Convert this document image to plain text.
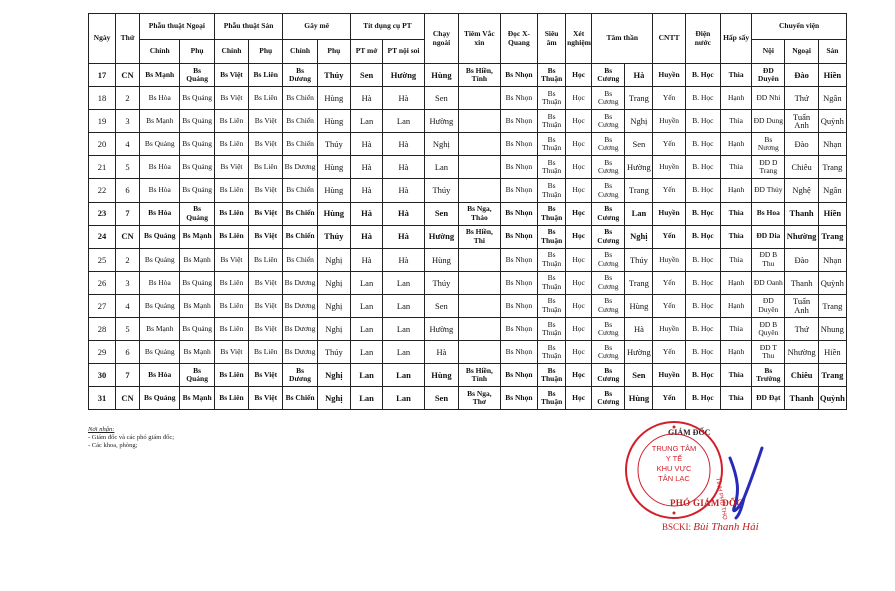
Ngày	Thứ	Phẫu thuật Ngoại		Phẫu thuật Sản		Gây mê		Tít dụng cụ PT		Chạy ngoài	Tiêm Vắc xin	Đọc X- Quang	Siêu âm	Xét nghiệm	Tâm thần		CNTT	Điện nước	Hấp sấy	Chuyển viện		
		Chính	Phụ	Chính	Phụ	Chính	Phụ	PT mở	PT nội soi											Nội	Ngoại	Sản
17	CN	Bs Mạnh	Bs Quảng	Bs Việt	Bs Liên	Bs Dương	Thúy	Sen	Hường	Hùng	Bs Hiền, Tỉnh	Bs Nhọn	Bs Thuận	Học	Bs Cương	Hà	Huyền	B. Học	Thìa	ĐD Duyên	Đào	Hiền
18	2	Bs Hòa	Bs Quảng	Bs Việt	Bs Liên	Bs Chiến	Hùng	Hà	Hà	Sen		Bs Nhọn	Bs Thuận	Học	Bs Cương	Trang	Yến	B. Học	Hạnh	ĐD Nhi	Thứ	Ngân
19	3	Bs Mạnh	Bs Quảng	Bs Liên	Bs Việt	Bs Chiến	Hùng	Lan	Lan	Hường		Bs Nhọn	Bs Thuận	Học	Bs Cương	Nghị	Huyền	B. Học	Thìa	ĐD Dung	Tuấn Anh	Quỳnh
20	4	Bs Quảng	Bs Quảng	Bs Liên	Bs Việt	Bs Chiến	Thúy	Hà	Hà	Nghị		Bs Nhọn	Bs Thuận	Học	Bs Cương	Sen	Yến	B. Học	Hạnh	Bs Nương	Đào	Nhạn
21	5	Bs Hòa	Bs Quảng	Bs Việt	Bs Liên	Bs Dương	Hùng	Hà	Hà	Lan		Bs Nhọn	Bs Thuận	Học	Bs Cương	Hường	Huyền	B. Học	Thìa	ĐD D Trang	Chiêu	Trang
22	6	Bs Hòa	Bs Quảng	Bs Liên	Bs Việt	Bs Chiến	Hùng	Hà	Hà	Thúy		Bs Nhọn	Bs Thuận	Học	Bs Cương	Trang	Yến	B. Học	Hạnh	ĐD Thủy	Nghệ	Ngân
23	7	Bs Hòa	Bs Quảng	Bs Liên	Bs Việt	Bs Chiến	Hùng	Hà	Hà	Sen	Bs Nga, Thảo	Bs Nhọn	Bs Thuận	Học	Bs Cương	Lan	Huyền	B. Học	Thìa	Bs Hoa	Thanh	Hiền
24	CN	Bs Quảng	Bs Mạnh	Bs Liên	Bs Việt	Bs Chiến	Thúy	Hà	Hà	Hường	Bs Hiền, Thi	Bs Nhọn	Bs Thuận	Học	Bs Cương	Nghị	Yến	B. Học	Thìa	ĐD Dia	Nhường	Trang
25	2	Bs Quảng	Bs Mạnh	Bs Việt	Bs Liên	Bs Chiến	Nghị	Hà	Hà	Hùng		Bs Nhọn	Bs Thuận	Học	Bs Cương	Thúy	Huyền	B. Học	Thìa	ĐD B Thu	Đào	Nhạn
26	3	Bs Hòa	Bs Quảng	Bs Liên	Bs Việt	Bs Dương	Nghị	Lan	Lan	Thúy		Bs Nhọn	Bs Thuận	Học	Bs Cương	Trang	Yến	B. Học	Hạnh	ĐD Oanh	Thanh	Quỳnh
27	4	Bs Quảng	Bs Mạnh	Bs Liên	Bs Việt	Bs Dương	Nghị	Lan	Lan	Sen		Bs Nhọn	Bs Thuận	Học	Bs Cương	Hùng	Yến	B. Học	Hạnh	ĐD Duyên	Tuấn Anh	Trang
28	5	Bs Mạnh	Bs Quảng	Bs Liên	Bs Việt	Bs Dương	Nghị	Lan	Lan	Hường		Bs Nhọn	Bs Thuận	Học	Bs Cương	Hà	Huyền	B. Học	Thìa	ĐD B Quyên	Thứ	Nhung
29	6	Bs Quảng	Bs Mạnh	Bs Việt	Bs Liên	Bs Dương	Thúy	Lan	Lan	Hà		Bs Nhọn	Bs Thuận	Học	Bs Cương	Hường	Yến	B. Học	Hạnh	ĐD T Thu	Nhường	Hiền
30	7	Bs Hòa	Bs Quảng	Bs Liên	Bs Việt	Bs Dương	Nghị	Lan	Lan	Hùng	Bs Hiền, Tỉnh	Bs Nhọn	Bs Thuận	Học	Bs Cương	Sen	Huyền	B. Học	Thìa	Bs Trường	Chiêu	Trang
31	CN	Bs Quảng	Bs Mạnh	Bs Liên	Bs Việt	Bs Chiến	Nghị	Lan	Lan	Sen	Bs Nga, Thơ	Bs Nhọn	Bs Thuận	Học	Bs Cương	Hùng	Yến	B. Học	Thìa	ĐD Đạt	Thanh	Quỳnh
Nơi nhận:
- Giám đốc và các phó giám đốc;
- Các khoa, phòng;
GIÁM ĐỐC
TRUNG TÂM
Y TẾ
KHU VỰC
TÂN LẠC	TỈNH PHÚ THỌ
PHÓ GIÁM ĐỐC
BSCKI: Bùi Thanh Hải
